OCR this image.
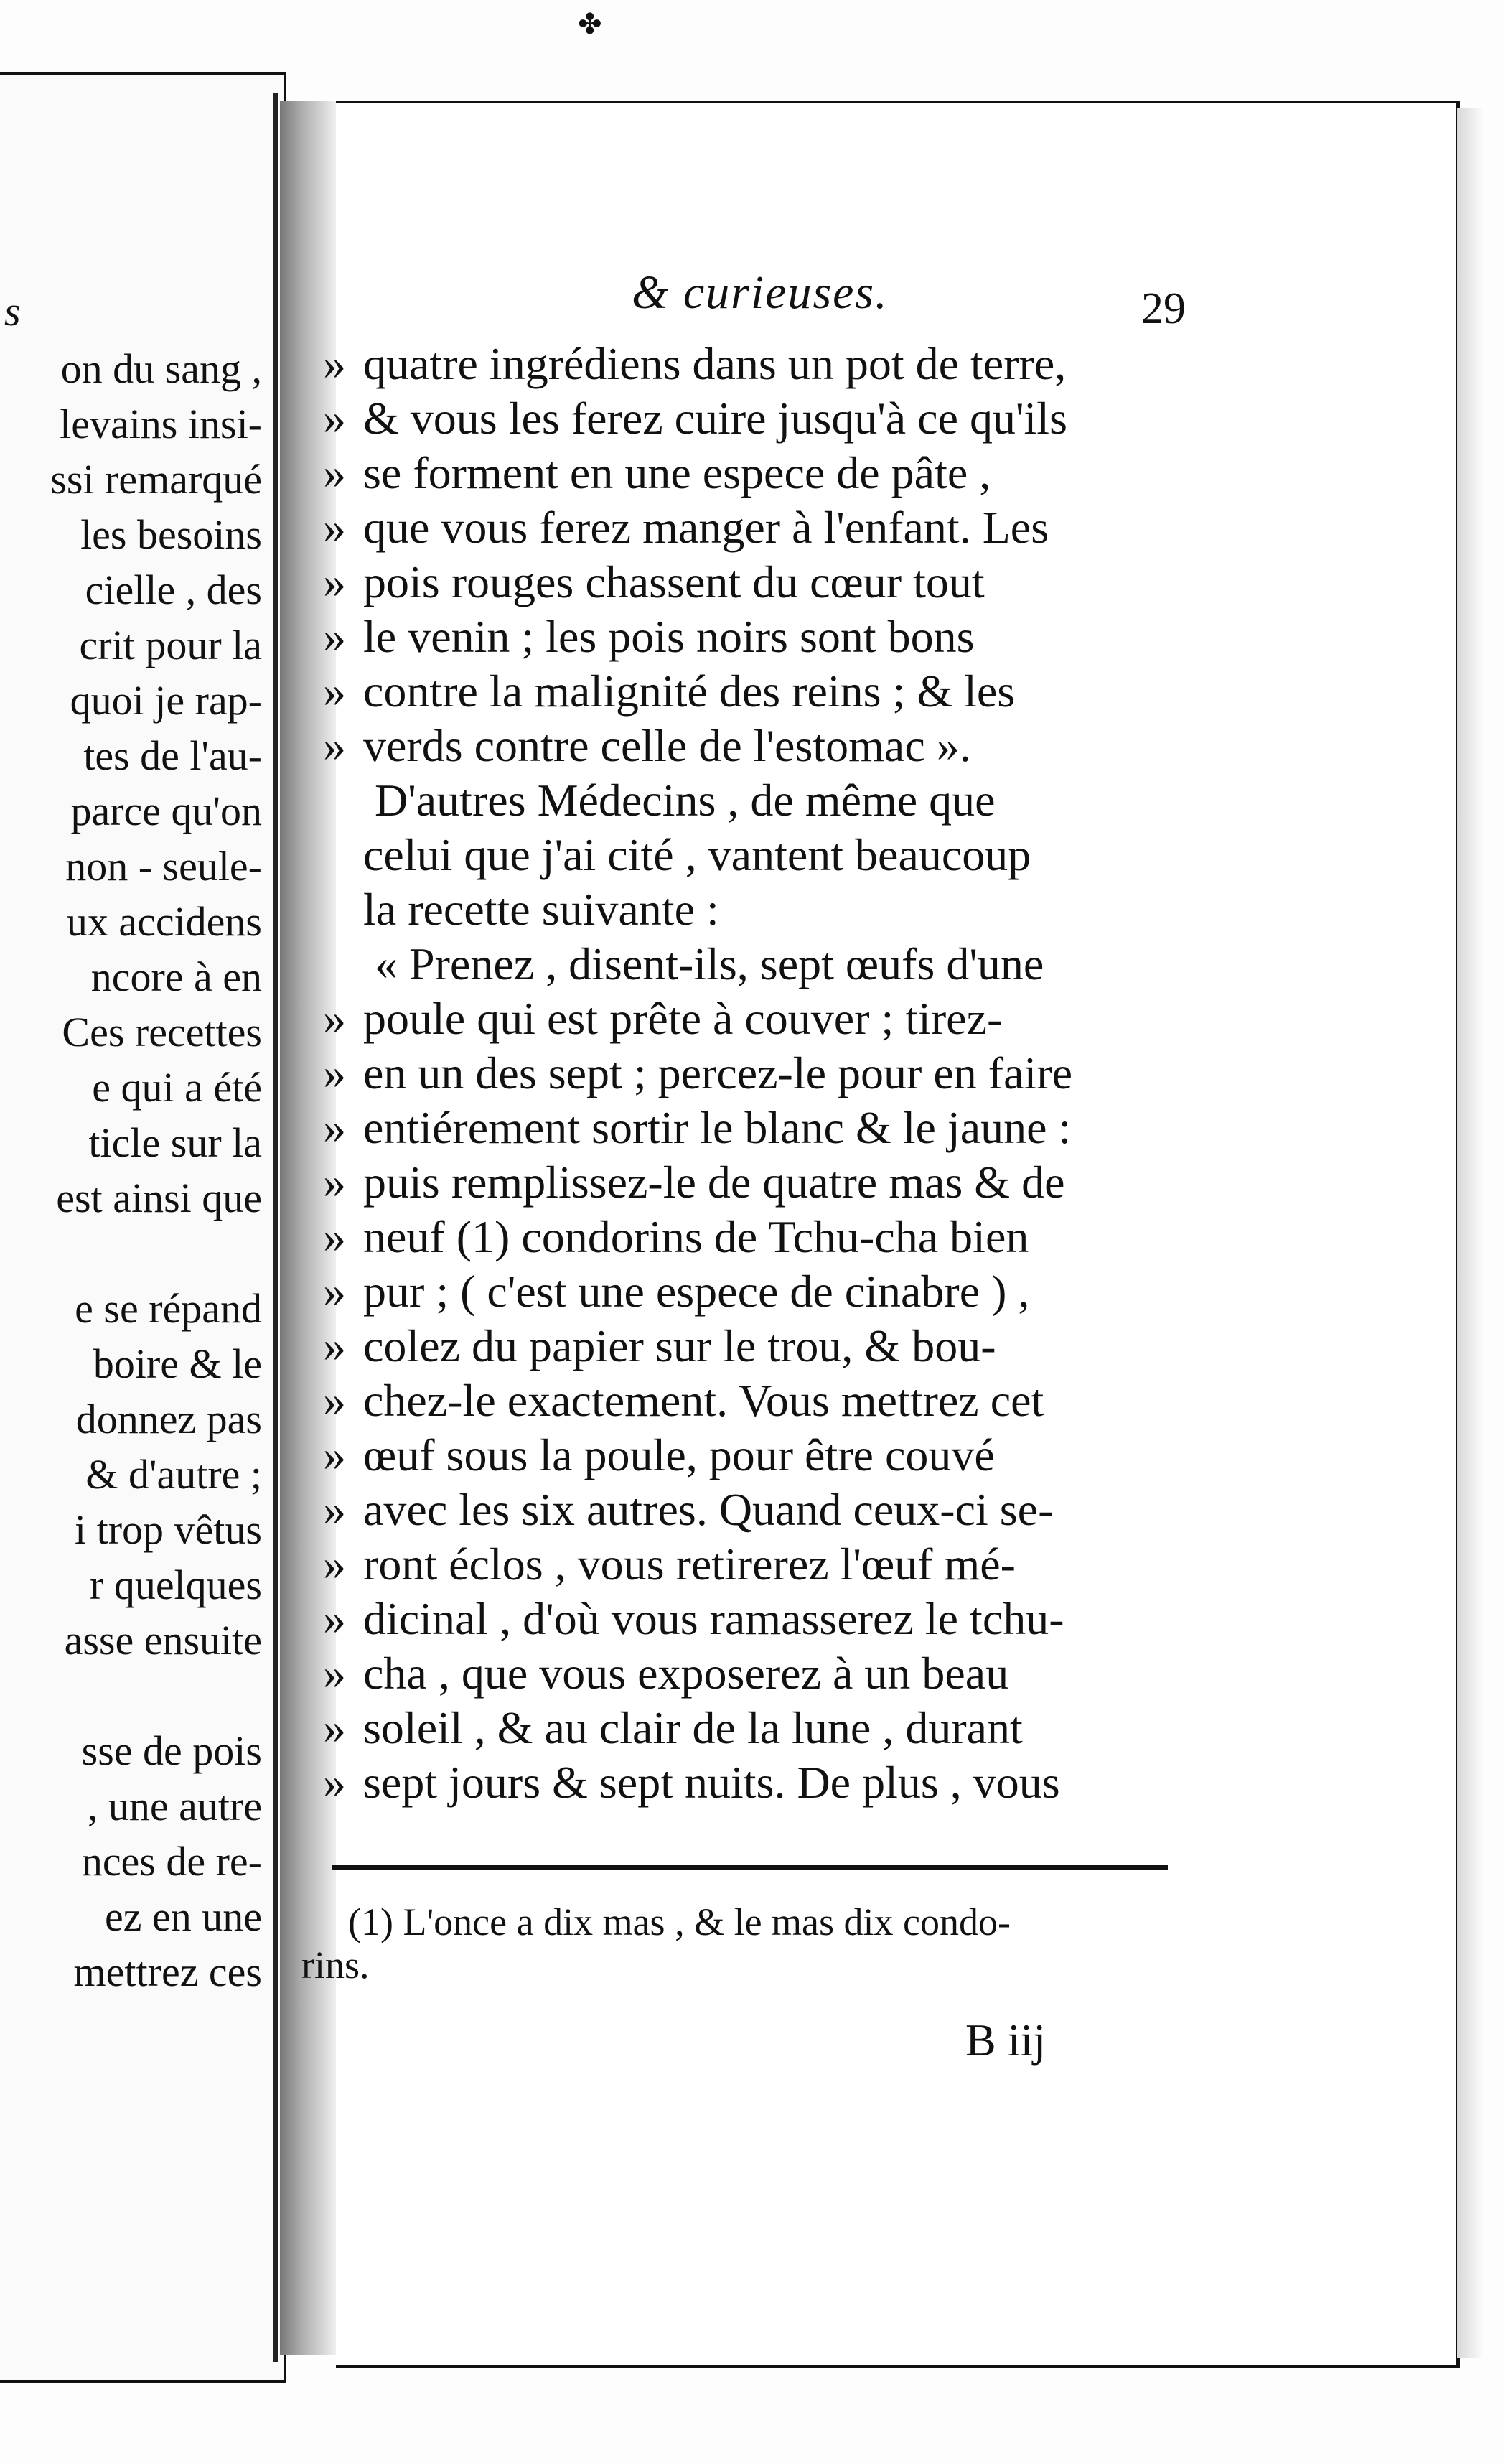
s
on du sang ,
levains insi-
ssi remarqué
les besoins
cielle , des
crit pour la
quoi je rap-
tes de l'au-
parce qu'on
non - seule-
ux accidens
ncore à en
Ces recettes
e qui a été
ticle sur la
est ainsi que
e se répand
boire & le
donnez pas
& d'autre ;
i trop vêtus
r quelques
asse ensuite
sse de pois
, une autre
nces de re-
ez en une
mettrez ces
& curieuses.	29
» quatre ingrédiens dans un pot de terre,
» & vous les ferez cuire jusqu'à ce qu'ils
» se forment en une espece de pâte ,
» que vous ferez manger à l'enfant. Les
» pois rouges chassent du cœur tout
» le venin ; les pois noirs sont bons
» contre la malignité des reins ; & les
» verds contre celle de l'estomac ».
D'autres Médecins , de même que
celui que j'ai cité , vantent beaucoup
la recette suivante :
« Prenez , disent-ils, sept œufs d'une
» poule qui est prête à couver ; tirez-
» en un des sept ; percez-le pour en faire
» entiérement sortir le blanc & le jaune :
» puis remplissez-le de quatre mas & de
» neuf (1) condorins de Tchu-cha bien
» pur ; ( c'est une espece de cinabre ) ,
» colez du papier sur le trou, & bou-
» chez-le exactement. Vous mettrez cet
» œuf sous la poule, pour être couvé
» avec les six autres. Quand ceux-ci se-
» ront éclos , vous retirerez l'œuf mé-
» dicinal , d'où vous ramasserez le tchu-
» cha , que vous exposerez à un beau
» soleil , & au clair de la lune , durant
» sept jours & sept nuits. De plus , vous
(1) L'once a dix mas , & le mas dix condo-
rins.
B iij
✤
